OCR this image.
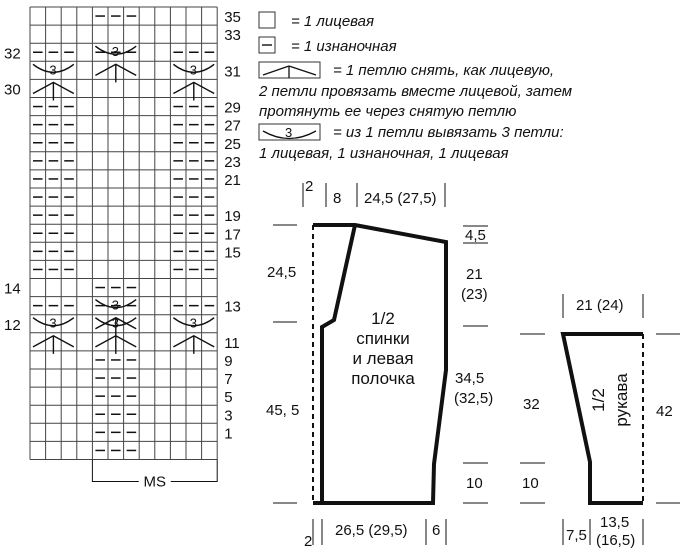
3
3	3
3
3	3	3
35
33
31
29
27
25
23
21
19
17
15
13
11
9
7
5
3
1
32
30
14
12
MS
= 1 лицевая
= 1 изнаночная
= 1 петлю снять, как лицевую,
2 петли провязать вместе лицевой, затем
протянуть ее через снятую петлю
3	= из 1 петли вывязать 3 петли:
1 лицевая, 1 изнаночная, 1 лицевая
2
8 24,5 (27,5)
24,5
45, 5
4,5
21
(23)
34,5
(32,5)
10
2
26,5 (29,5) 6
1/2
спинки
и левая
полочка
21 (24)
32	42
10
7,5
13,5
(16,5)
1/2 рукава
